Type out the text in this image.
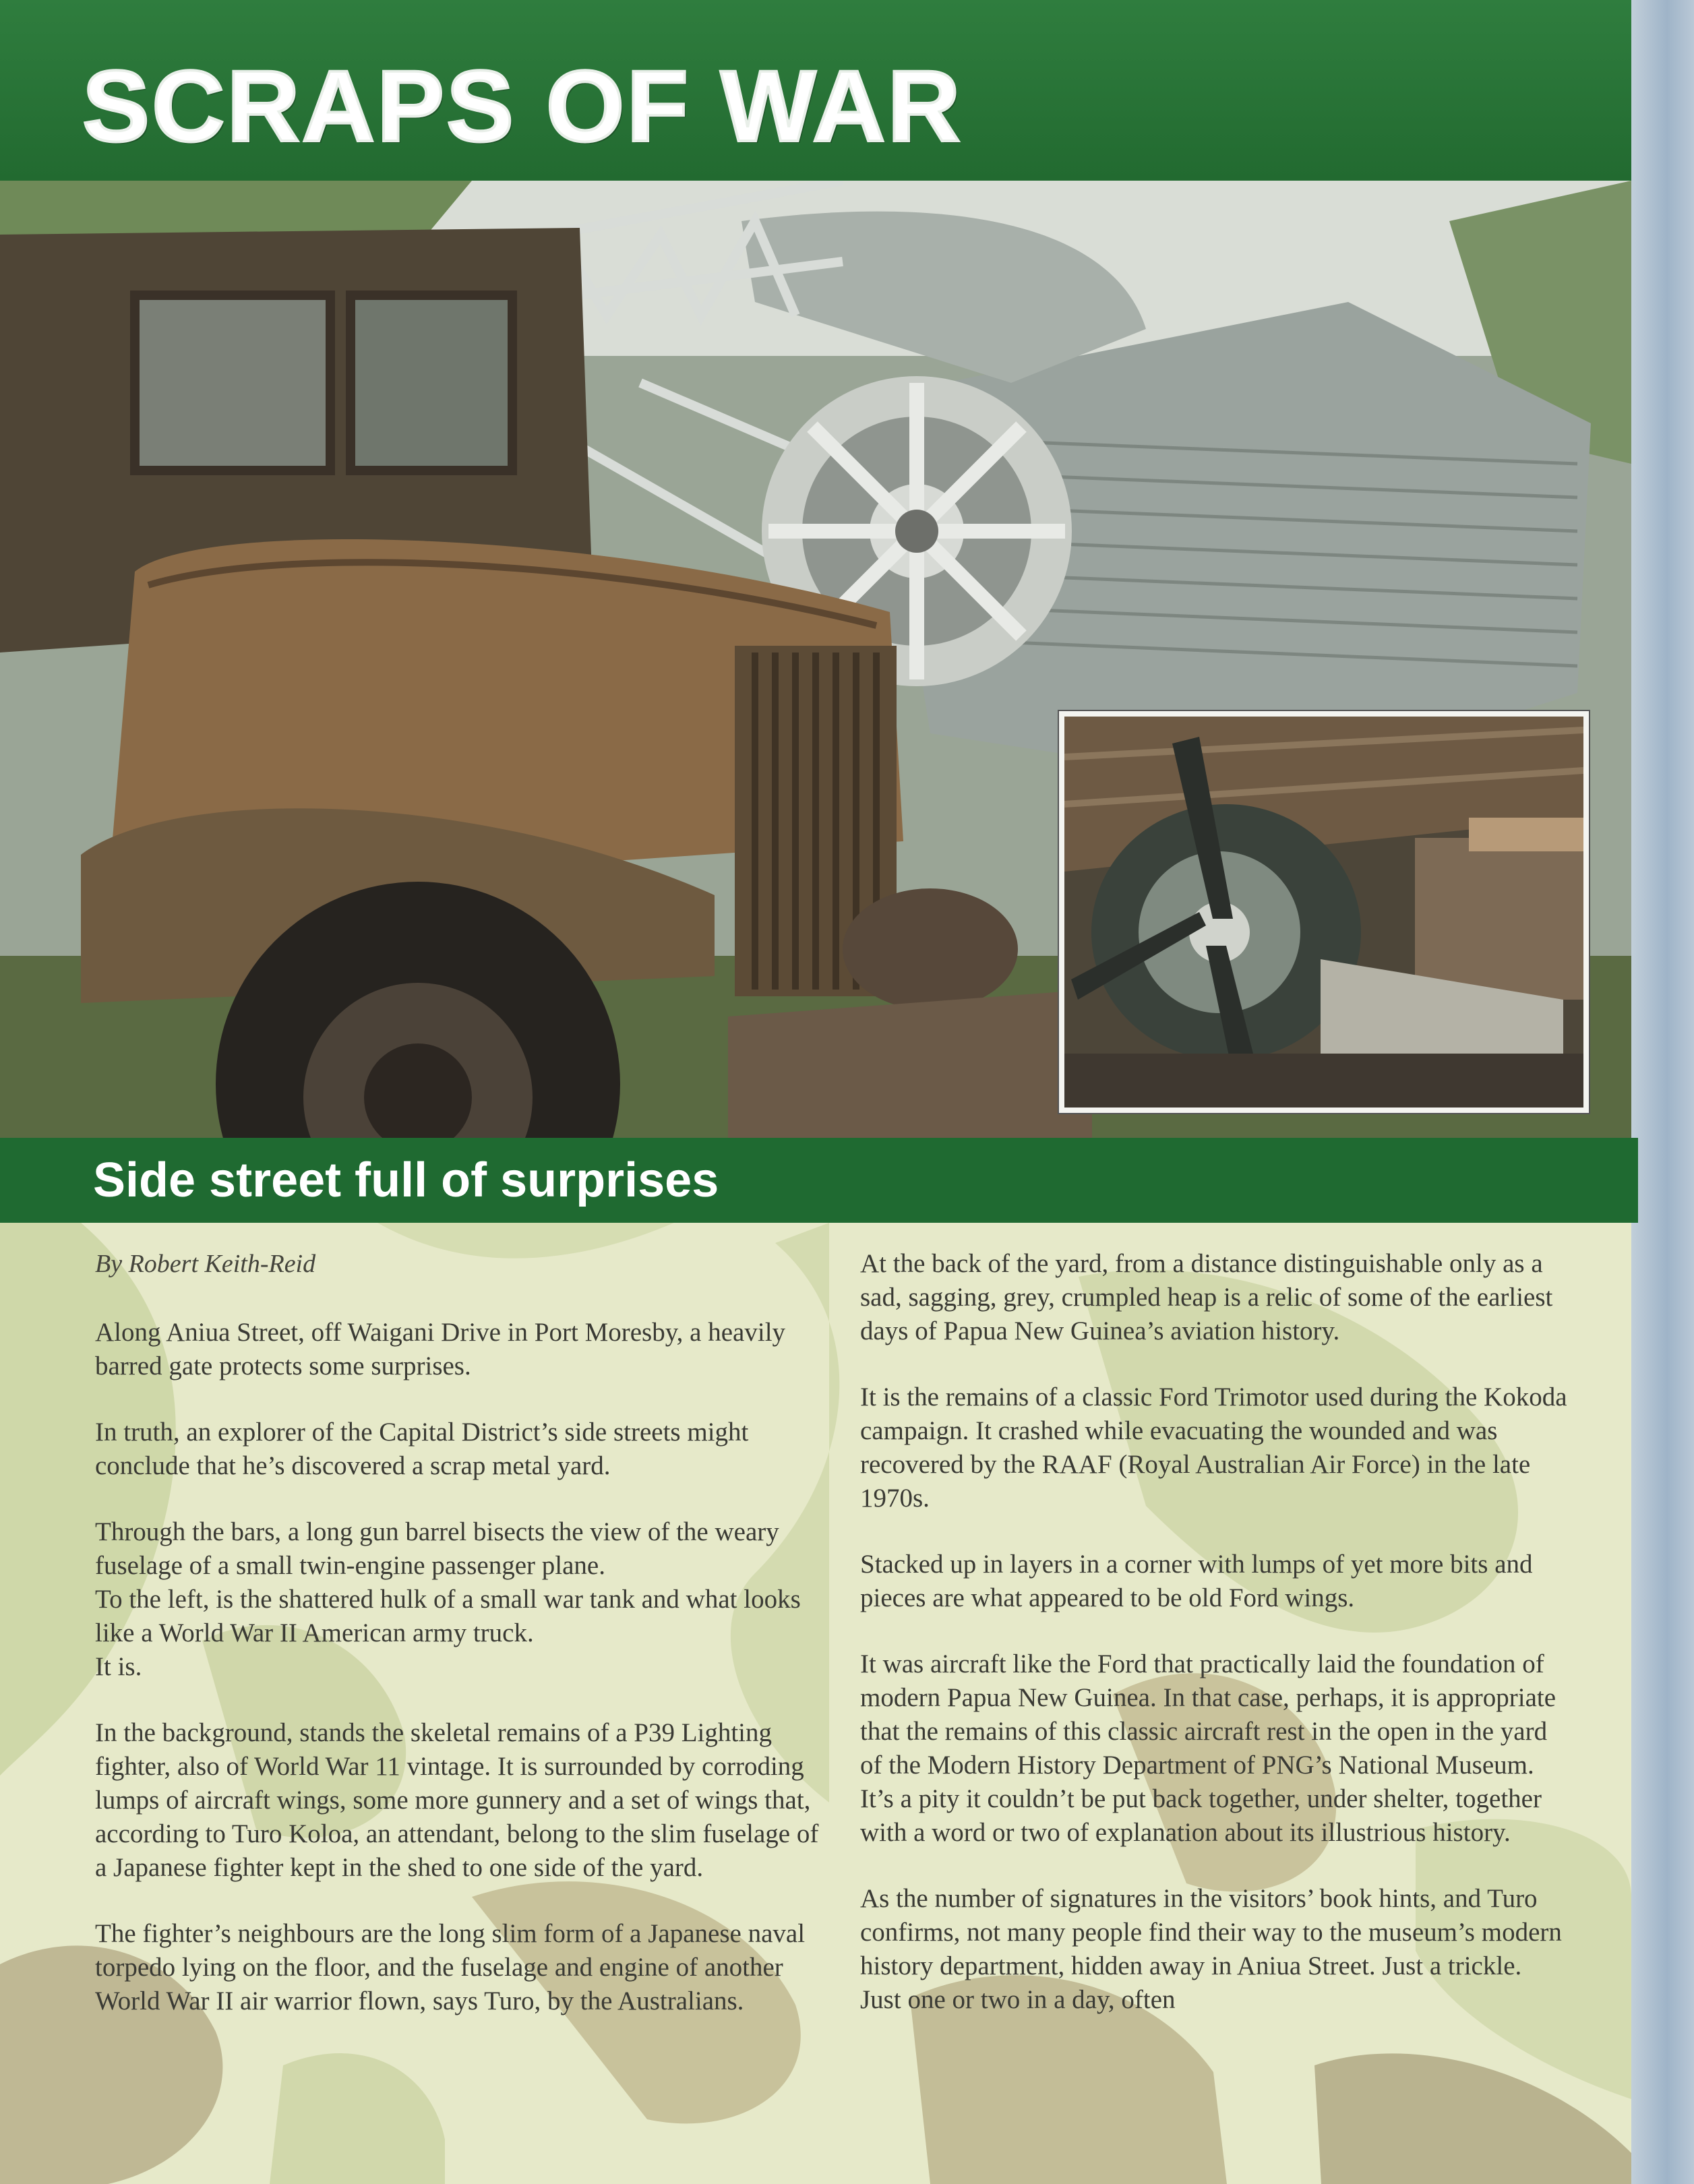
SCRAPS OF WAR
Side street full of surprises

By Robert Keith-Reid

Along Aniua Street, off Waigani Drive in Port Moresby, a heavily barred gate protects some surprises.

In truth, an explorer of the Capital District’s side streets might conclude that he’s discovered a scrap metal yard.

Through the bars, a long gun barrel bisects the view of the weary fuselage of a small twin-engine passenger plane.
To the left, is the shattered hulk of a small war tank and what looks like a World War II American army truck.
It is.

In the background, stands the skeletal remains of a P39 Lighting fighter, also of World War 11 vintage. It is surrounded by corroding lumps of aircraft wings, some more gunnery and a set of wings that, according to Turo Koloa, an attendant, belong to the slim fuselage of a Japanese fighter kept in the shed to one side of the yard.

The fighter’s neighbours are the long slim form of a Japanese naval torpedo lying on the floor, and the fuselage and engine of another World War II air warrior flown, says Turo, by the Australians.

At the back of the yard, from a distance distinguishable only as a sad, sagging, grey, crumpled heap is a relic of some of the earliest days of Papua New Guinea’s aviation history.

It is the remains of a classic Ford Trimotor used during the Kokoda campaign. It crashed while evacuating the wounded and was recovered by the RAAF (Royal Australian Air Force) in the late 1970s.

Stacked up in layers in a corner with lumps of yet more bits and pieces are what appeared to be old Ford wings.

It was aircraft like the Ford that practically laid the foundation of modern Papua New Guinea. In that case, perhaps, it is appropriate that the remains of this classic aircraft rest in the open in the yard of the Modern History Department of PNG’s National Museum. It’s a pity it couldn’t be put back together, under shelter, together with a word or two of explanation about its illustrious history.

As the number of signatures in the visitors’ book hints, and Turo confirms, not many people find their way to the museum’s modern history department, hidden away in Aniua Street. Just a trickle. Just one or two in a day, often
